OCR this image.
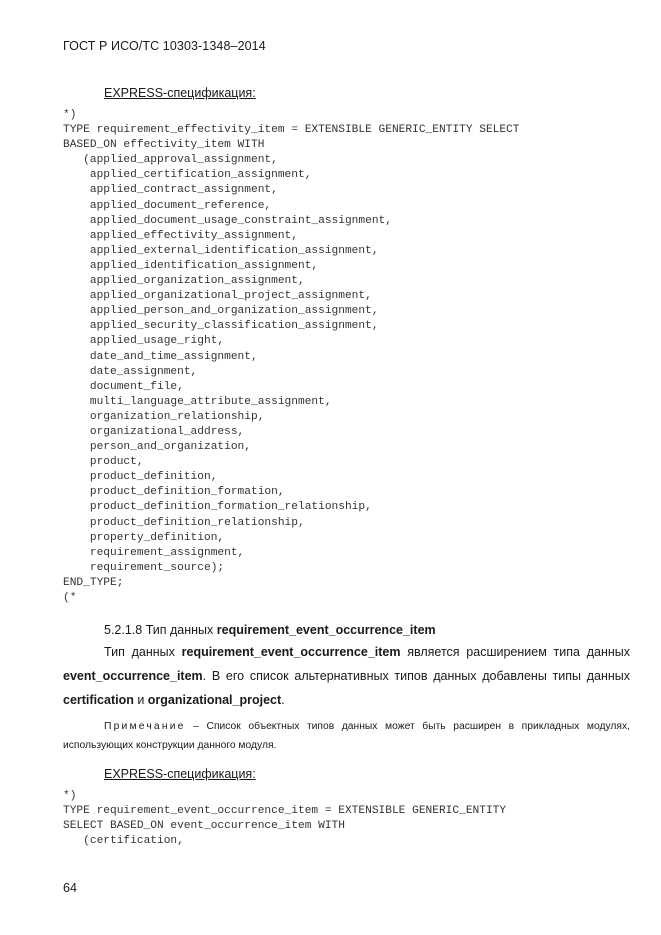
ГОСТ Р ИСО/ТС 10303-1348–2014
EXPRESS-спецификация:
*)
TYPE requirement_effectivity_item = EXTENSIBLE GENERIC_ENTITY SELECT
BASED_ON effectivity_item WITH
(applied_approval_assignment,
applied_certification_assignment,
applied_contract_assignment,
applied_document_reference,
applied_document_usage_constraint_assignment,
applied_effectivity_assignment,
applied_external_identification_assignment,
applied_identification_assignment,
applied_organization_assignment,
applied_organizational_project_assignment,
applied_person_and_organization_assignment,
applied_security_classification_assignment,
applied_usage_right,
date_and_time_assignment,
date_assignment,
document_file,
multi_language_attribute_assignment,
organization_relationship,
organizational_address,
person_and_organization,
product,
product_definition,
product_definition_formation,
product_definition_formation_relationship,
product_definition_relationship,
property_definition,
requirement_assignment,
requirement_source);
END_TYPE;
(*
5.2.1.8 Тип данных requirement_event_occurrence_item

Тип данных requirement_event_occurrence_item является расширением типа данных event_occurrence_item. В его список альтернативных типов данных добавлены типы данных certification и organizational_project.

Примечание – Список объектных типов данных может быть расширен в прикладных модулях, использующих конструкции данного модуля.

EXPRESS-спецификация:
*)
TYPE requirement_event_occurrence_item = EXTENSIBLE GENERIC_ENTITY
SELECT BASED_ON event_occurrence_item WITH
(certification,
64
